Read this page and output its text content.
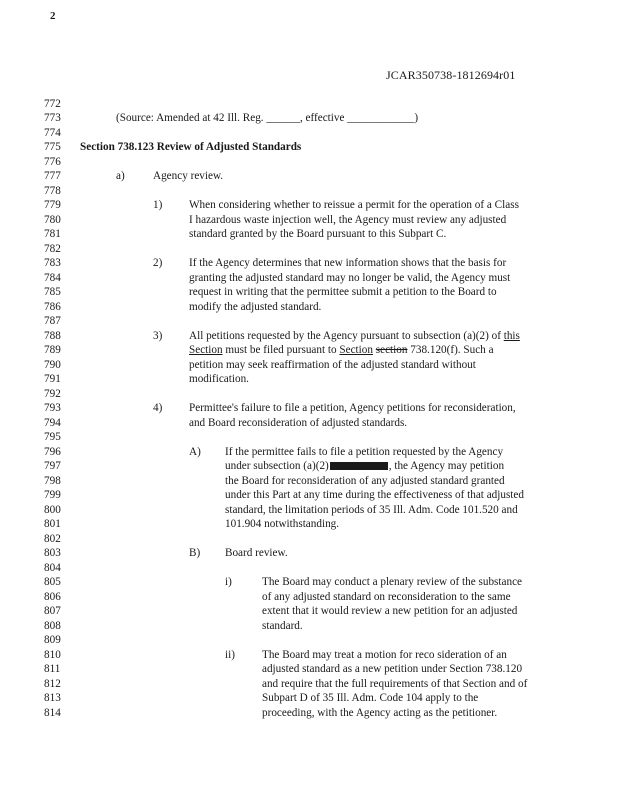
2
JCAR350738-1812694r01
772
773	(Source: Amended at 42 Ill. Reg. ______, effective ____________)
774
775	Section 738.123 Review of Adjusted Standards
776
777	a)	Agency review.
778
779	1) When considering whether to reissue a permit for the operation of a Class
780	I hazardous waste injection well, the Agency must review any adjusted
781	standard granted by the Board pursuant to this Subpart C.
782
783	2) If the Agency determines that new information shows that the basis for
784	granting the adjusted standard may no longer be valid, the Agency must
785	request in writing that the permittee submit a petition to the Board to
786	modify the adjusted standard.
787
788	3) All petitions requested by the Agency pursuant to subsection (a)(2) of this
789	Section must be filed pursuant to Section section 738.120(f). Such a
790	petition may seek reaffirmation of the adjusted standard without
791	modification.
792
793	4) Permittee's failure to file a petition, Agency petitions for reconsideration,
794	and Board reconsideration of adjusted standards.
795
796	A) If the permittee fails to file a petition requested by the Agency
797	under subsection (a)(2)	, the Agency may petition
798	the Board for reconsideration of any adjusted standard granted
799	under this Part at any time during the effectiveness of that adjusted
800	standard, the limitation periods of 35 Ill. Adm. Code 101.520 and
801	101.904 notwithstanding.
802
803	B) Board review.
804
805	i)	The Board may conduct a plenary review of the substance
806	of any adjusted standard on reconsideration to the same
807	extent that it would review a new petition for an adjusted
808	standard.
809
810	ii) The Board may treat a motion for reco sideration of an
811	adjusted standard as a new petition under Section 738.120
812	and require that the full requirements of that Section and of
813	Subpart D of 35 Ill. Adm. Code 104 apply to the
814	proceeding, with the Agency acting as the petitioner.
